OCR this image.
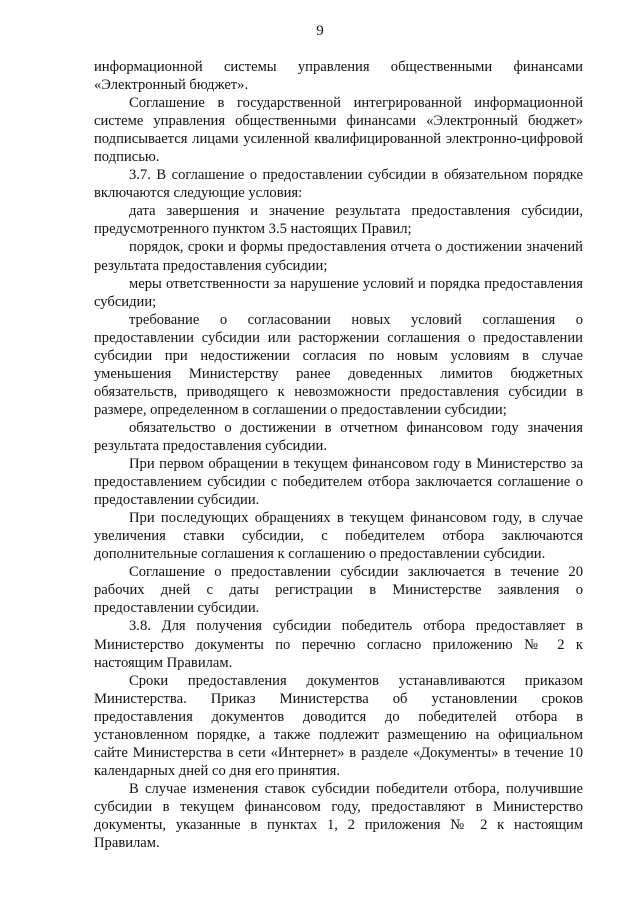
9

информационной системы управления общественными финансами «Электронный бюджет».

Соглашение в государственной интегрированной информационной системе управления общественными финансами «Электронный бюджет» подписывается лицами усиленной квалифицированной электронно-цифровой подписью.

3.7. В соглашение о предоставлении субсидии в обязательном порядке включаются следующие условия:

дата завершения и значение результата предоставления субсидии, предусмотренного пунктом 3.5 настоящих Правил;

порядок, сроки и формы предоставления отчета о достижении значений результата предоставления субсидии;

меры ответственности за нарушение условий и порядка предоставления субсидии;

требование о согласовании новых условий соглашения о предоставлении субсидии или расторжении соглашения о предоставлении субсидии при недостижении согласия по новым условиям в случае уменьшения Министерству ранее доведенных лимитов бюджетных обязательств, приводящего к невозможности предоставления субсидии в размере, определенном в соглашении о предоставлении субсидии;

обязательство о достижении в отчетном финансовом году значения результата предоставления субсидии.

При первом обращении в текущем финансовом году в Министерство за предоставлением субсидии с победителем отбора заключается соглашение о предоставлении субсидии.

При последующих обращениях в текущем финансовом году, в случае увеличения ставки субсидии, с победителем отбора заключаются дополнительные соглашения к соглашению о предоставлении субсидии.

Соглашение о предоставлении субсидии заключается в течение 20 рабочих дней с даты регистрации в Министерстве заявления о предоставлении субсидии.

3.8. Для получения субсидии победитель отбора предоставляет в Министерство документы по перечню согласно приложению № 2 к настоящим Правилам.

Сроки предоставления документов устанавливаются приказом Министерства. Приказ Министерства об установлении сроков предоставления документов доводится до победителей отбора в установленном порядке, а также подлежит размещению на официальном сайте Министерства в сети «Интернет» в разделе «Документы» в течение 10 календарных дней со дня его принятия.

В случае изменения ставок субсидии победители отбора, получившие субсидии в текущем финансовом году, предоставляют в Министерство документы, указанные в пунктах 1, 2 приложения № 2 к настоящим Правилам.
